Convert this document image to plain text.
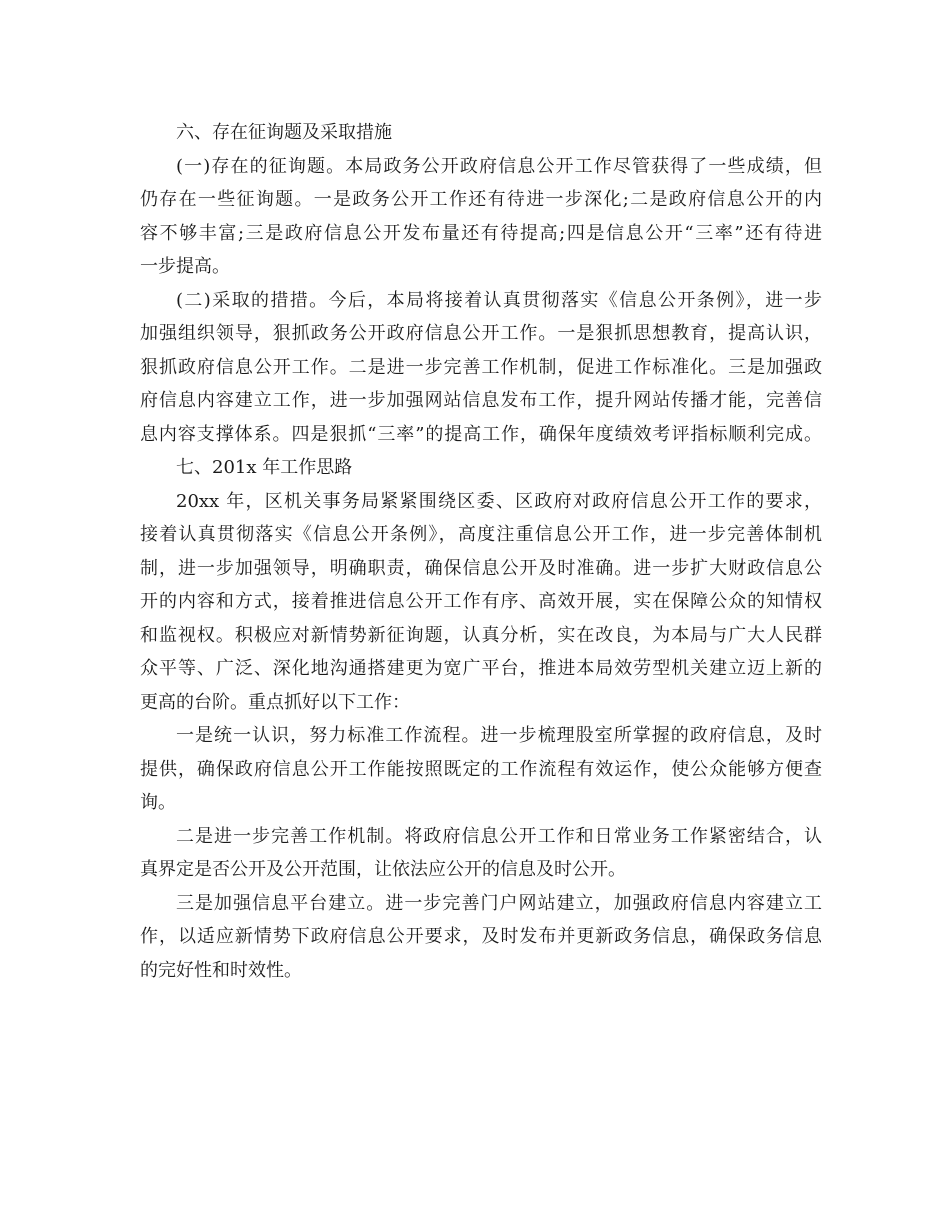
六、存在征询题及采取措施
(一)存在的征询题。本局政务公开政府信息公开工作尽管获得了一些成绩，但
仍存在一些征询题。一是政务公开工作还有待进一步深化;二是政府信息公开的内
容不够丰富;三是政府信息公开发布量还有待提高;四是信息公开“三率”还有待进
一步提高。
(二)采取的措措。今后，本局将接着认真贯彻落实《信息公开条例》，进一步
加强组织领导，狠抓政务公开政府信息公开工作。一是狠抓思想教育，提高认识，
狠抓政府信息公开工作。二是进一步完善工作机制，促进工作标准化。三是加强政
府信息内容建立工作，进一步加强网站信息发布工作，提升网站传播才能，完善信
息内容支撑体系。四是狠抓“三率”的提高工作，确保年度绩效考评指标顺利完成。
七、201x 年工作思路
20xx 年，区机关事务局紧紧围绕区委、区政府对政府信息公开工作的要求，
接着认真贯彻落实《信息公开条例》，高度注重信息公开工作，进一步完善体制机
制，进一步加强领导，明确职责，确保信息公开及时准确。进一步扩大财政信息公
开的内容和方式，接着推进信息公开工作有序、高效开展，实在保障公众的知情权
和监视权。积极应对新情势新征询题，认真分析，实在改良，为本局与广大人民群
众平等、广泛、深化地沟通搭建更为宽广平台，推进本局效劳型机关建立迈上新的
更高的台阶。重点抓好以下工作：
一是统一认识，努力标准工作流程。进一步梳理股室所掌握的政府信息，及时
提供，确保政府信息公开工作能按照既定的工作流程有效运作，使公众能够方便查
询。
二是进一步完善工作机制。将政府信息公开工作和日常业务工作紧密结合，认
真界定是否公开及公开范围，让依法应公开的信息及时公开。
三是加强信息平台建立。进一步完善门户网站建立，加强政府信息内容建立工
作，以适应新情势下政府信息公开要求，及时发布并更新政务信息，确保政务信息
的完好性和时效性。
